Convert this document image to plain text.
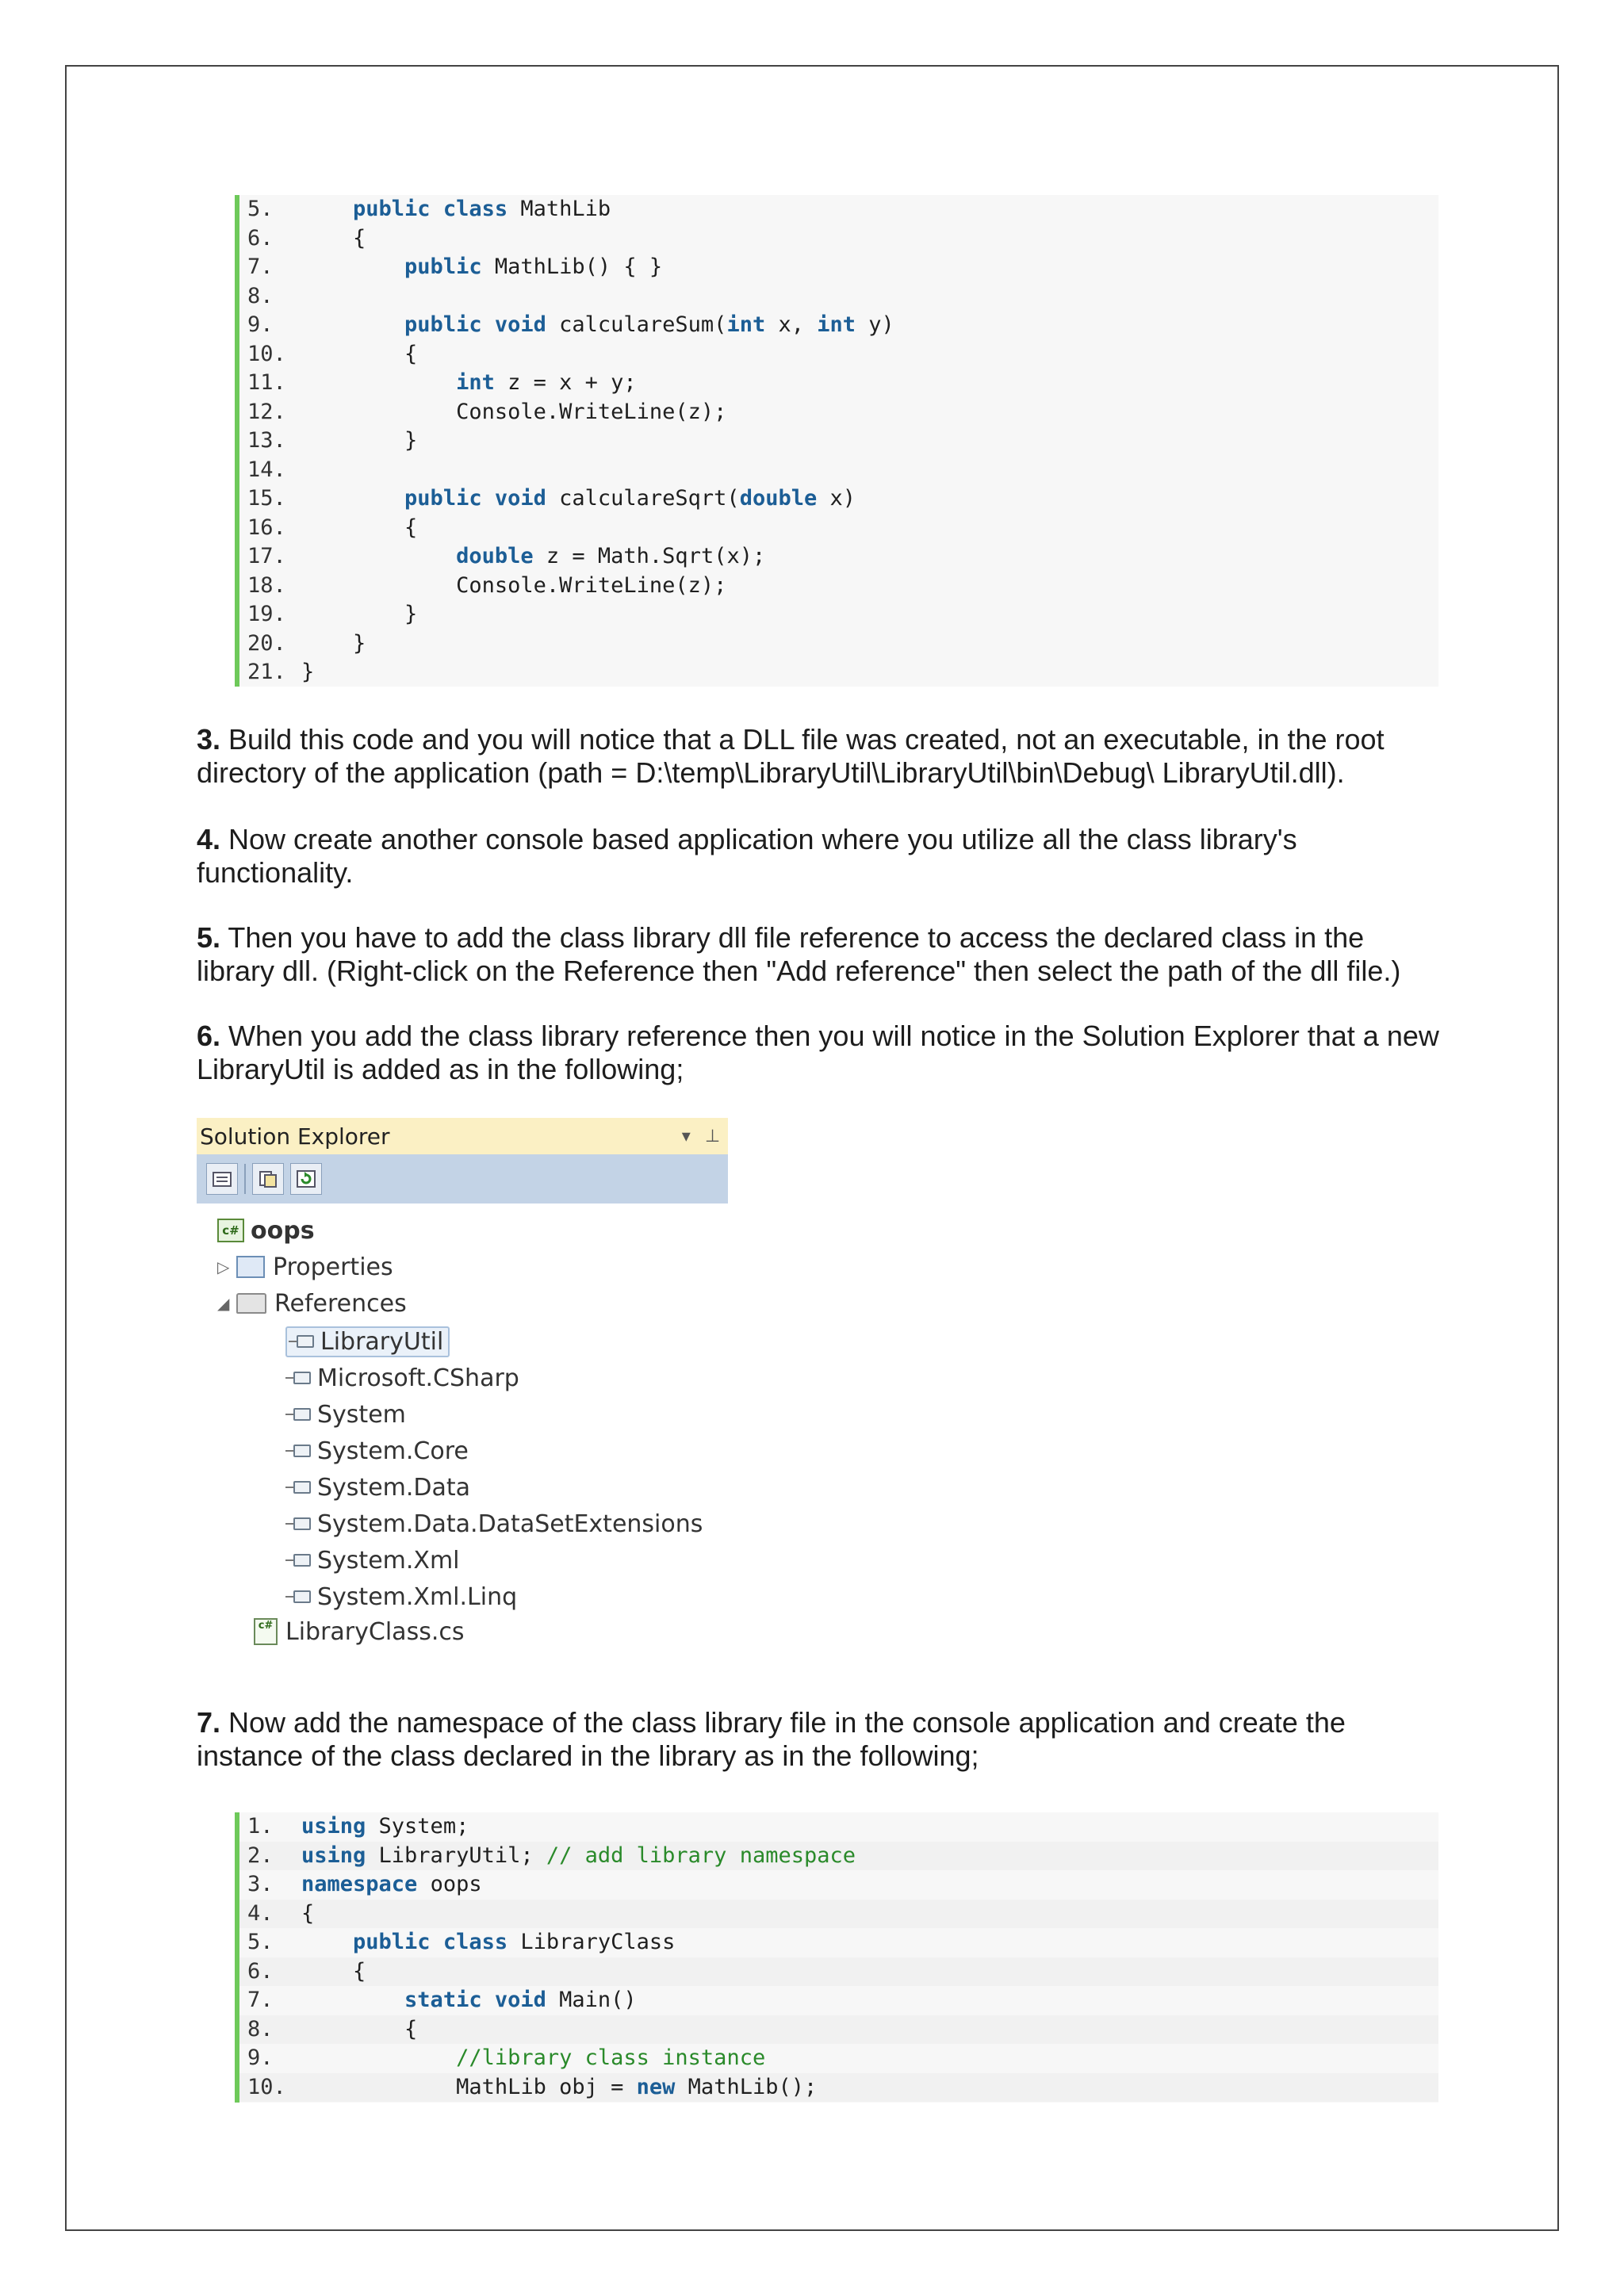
5.	public class MathLib
6.	{
7.	public MathLib() { }
8.
9.	public void calculareSum(int x, int y)
10. {
11.	int z = x + y;
12. Console.WriteLine(z);
13. }
14.
15.	public void calculareSqrt(double x)
16. {
17.	double z = Math.Sqrt(x);
18. Console.WriteLine(z);
19. }
20. }
21. }
3. Build this code and you will notice that a DLL file was created, not an executable, in the root directory of the application (path = D:\temp\LibraryUtil\LibraryUtil\bin\Debug\ LibraryUtil.dll).
4. Now create another console based application where you utilize all the class library's functionality.
5. Then you have to add the class library dll file reference to access the declared class in the library dll. (Right-click on the Reference then "Add reference" then select the path of the dll file.)
6. When you add the class library reference then you will notice in the Solution Explorer that a new LibraryUtil is added as in the following;
Solution Explorer	▾ ⊥
c# oops
▷ Properties
◢ References
LibraryUtil
Microsoft.CSharp
System
System.Core
System.Data
System.Data.DataSetExtensions
System.Xml
System.Xml.Linq
c# LibraryClass.cs
7. Now add the namespace of the class library file in the console application and create the instance of the class declared in the library as in the following;
1.	using System;
2.	using LibraryUtil; // add library namespace
3.	namespace oops
4.	{
5.	public class LibraryClass
6.	{
7.	static void Main()
8.	{
9.	//library class instance
10. MathLib obj = new MathLib();
